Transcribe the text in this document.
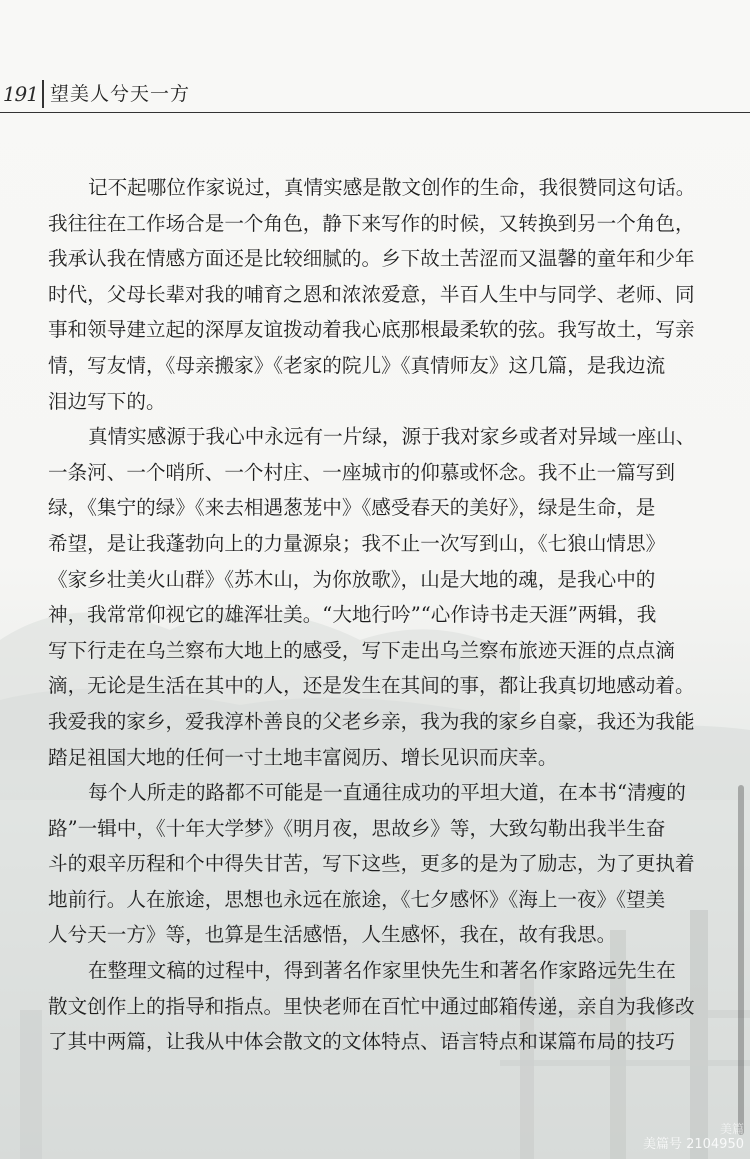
191 望美人兮天一方
记不起哪位作家说过，真情实感是散文创作的生命，我很赞同这句话。
我往往在工作场合是一个角色，静下来写作的时候，又转换到另一个角色，
我承认我在情感方面还是比较细腻的。乡下故土苦涩而又温馨的童年和少年
时代，父母长辈对我的哺育之恩和浓浓爱意，半百人生中与同学、老师、同
事和领导建立起的深厚友谊拨动着我心底那根最柔软的弦。我写故土，写亲
情，写友情，《母亲搬家》《老家的院儿》《真情师友》这几篇，是我边流
泪边写下的。
真情实感源于我心中永远有一片绿，源于我对家乡或者对异域一座山、
一条河、一个哨所、一个村庄、一座城市的仰慕或怀念。我不止一篇写到
绿，《集宁的绿》《来去相遇葱茏中》《感受春天的美好》，绿是生命，是
希望，是让我蓬勃向上的力量源泉；我不止一次写到山，《七狼山情思》
《家乡壮美火山群》《苏木山，为你放歌》，山是大地的魂，是我心中的
神，我常常仰视它的雄浑壮美。“大地行吟”“心作诗书走天涯”两辑，我
写下行走在乌兰察布大地上的感受，写下走出乌兰察布旅迹天涯的点点滴
滴，无论是生活在其中的人，还是发生在其间的事，都让我真切地感动着。
我爱我的家乡，爱我淳朴善良的父老乡亲，我为我的家乡自豪，我还为我能
踏足祖国大地的任何一寸土地丰富阅历、增长见识而庆幸。
每个人所走的路都不可能是一直通往成功的平坦大道，在本书“清瘦的
路”一辑中，《十年大学梦》《明月夜，思故乡》等，大致勾勒出我半生奋
斗的艰辛历程和个中得失甘苦，写下这些，更多的是为了励志，为了更执着
地前行。人在旅途，思想也永远在旅途，《七夕感怀》《海上一夜》《望美
人兮天一方》等，也算是生活感悟，人生感怀，我在，故有我思。
在整理文稿的过程中，得到著名作家里快先生和著名作家路远先生在
散文创作上的指导和指点。里快老师在百忙中通过邮箱传递，亲自为我修改
了其中两篇，让我从中体会散文的文体特点、语言特点和谋篇布局的技巧
美篇
美篇号 2104950
